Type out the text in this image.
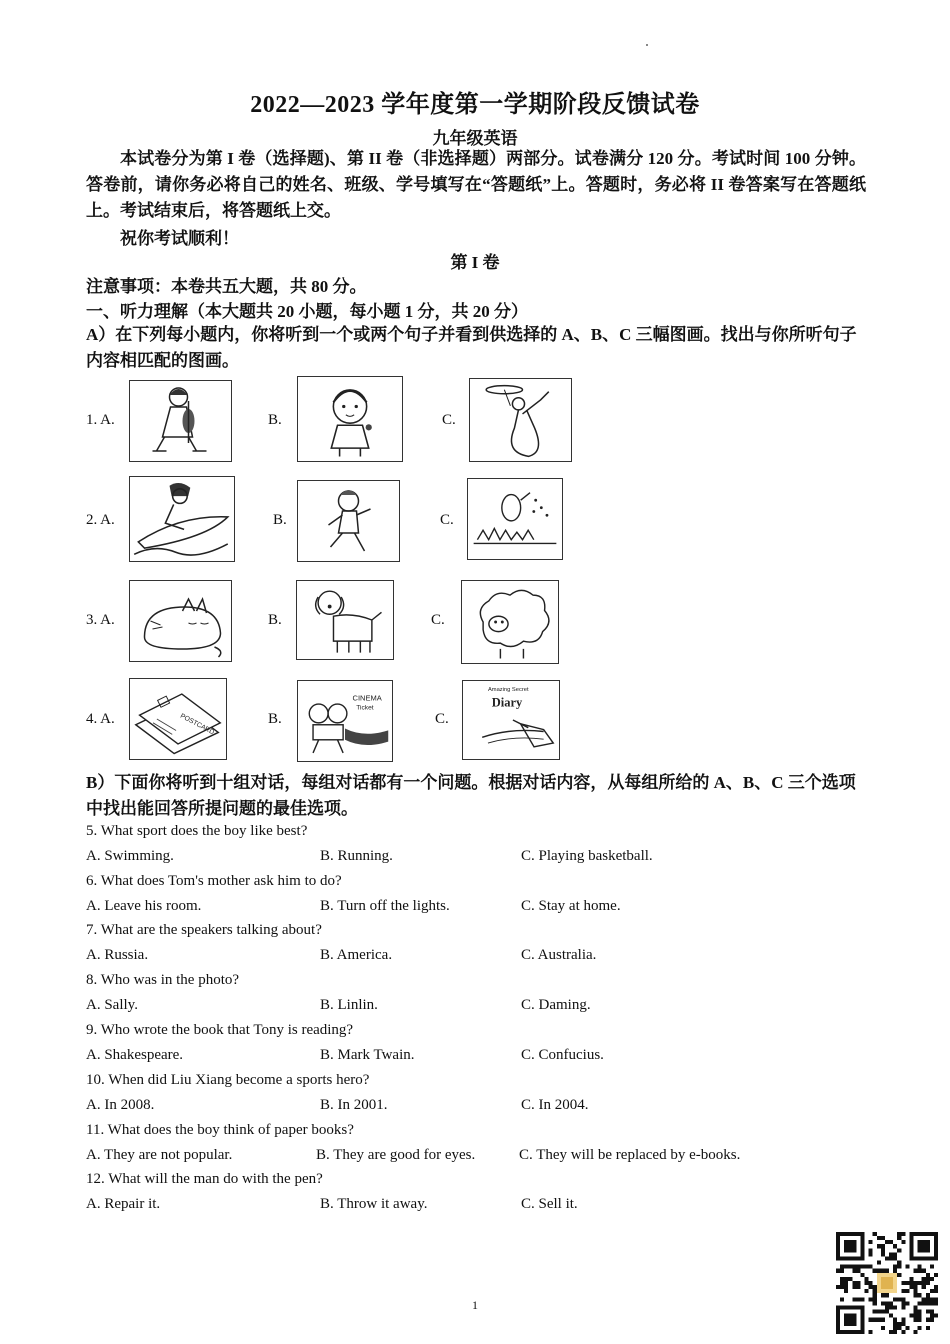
2022—2023 学年度第一学期阶段反馈试卷
九年级英语

本试卷分为第 I 卷（选择题)、第 II 卷（非选择题）两部分。试卷满分 120 分。考试时间 100 分钟。答卷前，请你务必将自己的姓名、班级、学号填写在“答题纸”上。答题时，务必将 II 卷答案写在答题纸上。考试结束后，将答题纸上交。

祝你考试顺利！
第 I 卷
注意事项：本卷共五大题，共 80 分。
一、听力理解（本大题共 20 小题，每小题 1 分，共 20 分）

A）在下列每小题内，你将听到一个或两个句子并看到供选择的 A、B、C 三幅图画。找出与你所听句子内容相匹配的图画。

1. A.	B.	C.
2. A.	B.	C.
3. A.	B.	C.
4. A.	POSTCARD	B.
CINEMA
Ticket
C.
Amazing Secret
Diary

B）下面你将听到十组对话，每组对话都有一个问题。根据对话内容，从每组所给的 A、B、C 三个选项中找出能回答所提问题的最佳选项。

5. What sport does the boy like best?
A. Swimming.	B. Running.	C. Playing basketball.
6. What does Tom's mother ask him to do?
A. Leave his room.	B. Turn off the lights.	C. Stay at home.
7. What are the speakers talking about?
A. Russia.	B. America.	C. Australia.
8. Who was in the photo?
A. Sally.	B. Linlin.	C. Daming.
9. Who wrote the book that Tony is reading?
A. Shakespeare.	B. Mark Twain.	C. Confucius.
10. When did Liu Xiang become a sports hero?
A. In 2008.	B. In 2001.	C. In 2004.
11. What does the boy think of paper books?
A. They are not popular.	B. They are good for eyes.	C. They will be replaced by e-books.
12. What will the man do with the pen?
A. Repair it.	B. Throw it away.	C. Sell it.
1
